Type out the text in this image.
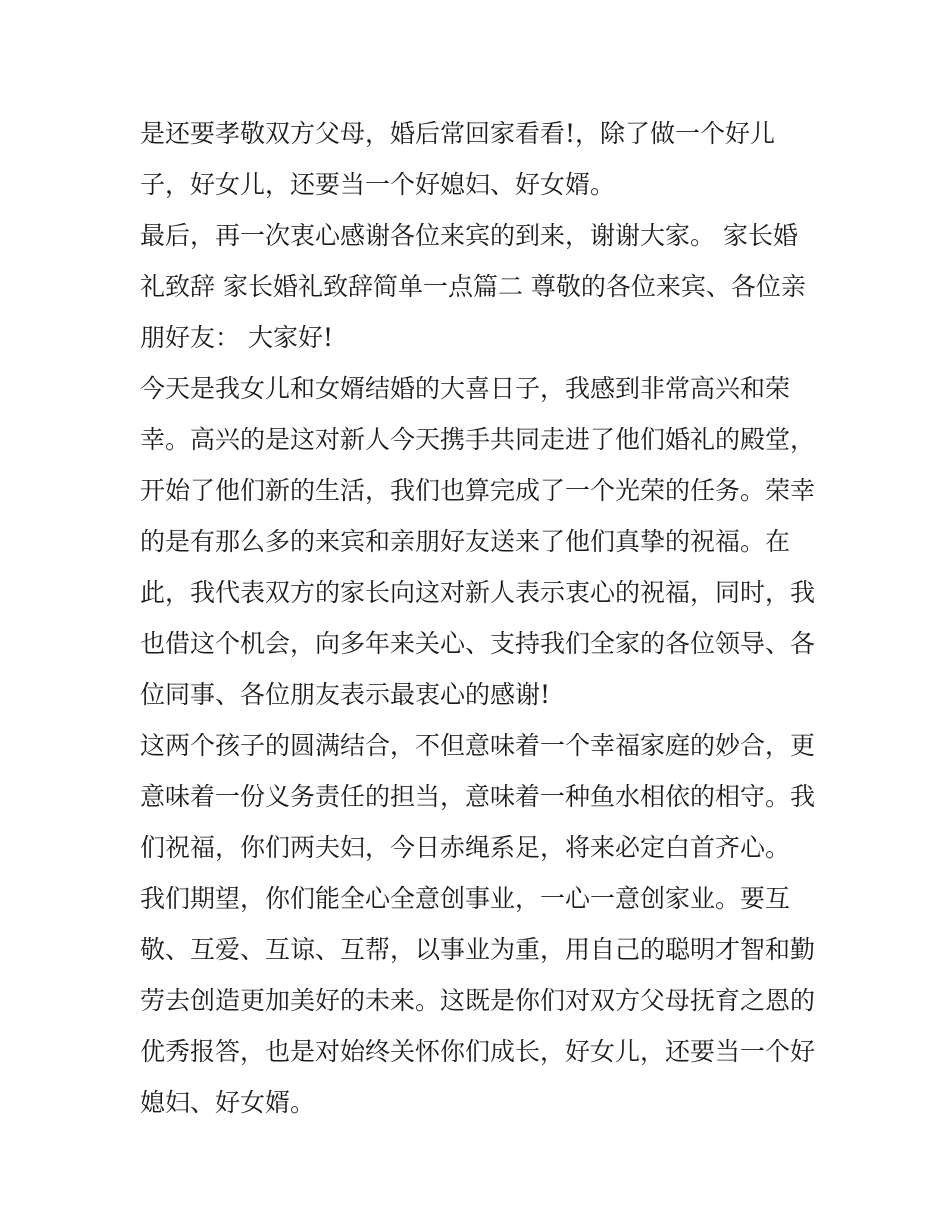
是还要孝敬双方父母，婚后常回家看看!，除了做一个好儿
子，好女儿，还要当一个好媳妇、好女婿。
最后，再一次衷心感谢各位来宾的到来，谢谢大家。 家长婚
礼致辞 家长婚礼致辞简单一点篇二 尊敬的各位来宾、各位亲
朋好友： 大家好!
今天是我女儿和女婿结婚的大喜日子，我感到非常高兴和荣
幸。高兴的是这对新人今天携手共同走进了他们婚礼的殿堂，
开始了他们新的生活，我们也算完成了一个光荣的任务。荣幸
的是有那么多的来宾和亲朋好友送来了他们真挚的祝福。在
此，我代表双方的家长向这对新人表示衷心的祝福，同时，我
也借这个机会，向多年来关心、支持我们全家的各位领导、各
位同事、各位朋友表示最衷心的感谢!
这两个孩子的圆满结合，不但意味着一个幸福家庭的妙合，更
意味着一份义务责任的担当，意味着一种鱼水相依的相守。我
们祝福，你们两夫妇，今日赤绳系足，将来必定白首齐心。
我们期望，你们能全心全意创事业，一心一意创家业。要互
敬、互爱、互谅、互帮，以事业为重，用自己的聪明才智和勤
劳去创造更加美好的未来。这既是你们对双方父母抚育之恩的
优秀报答，也是对始终关怀你们成长，好女儿，还要当一个好
媳妇、好女婿。
